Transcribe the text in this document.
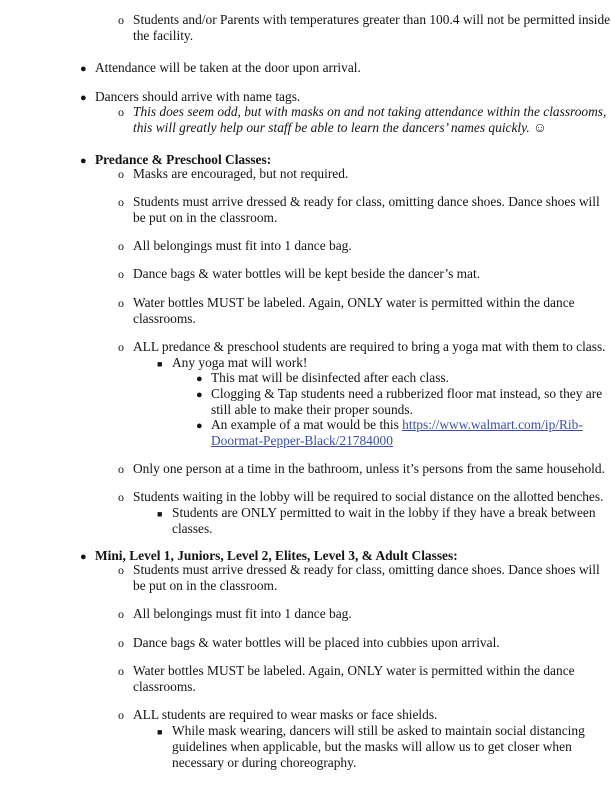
o Students and/or Parents with temperatures greater than 100.4 will not be permitted inside
the facility.
● Attendance will be taken at the door upon arrival.
● Dancers should arrive with name tags.
o This does seem odd, but with masks on and not taking attendance within the classrooms,
this will greatly help our staff be able to learn the dancers’ names quickly. ☺
● Predance & Preschool Classes:
o Masks are encouraged, but not required.
o Students must arrive dressed & ready for class, omitting dance shoes. Dance shoes will
be put on in the classroom.
o All belongings must fit into 1 dance bag.
o Dance bags & water bottles will be kept beside the dancer’s mat.
o Water bottles MUST be labeled. Again, ONLY water is permitted within the dance
classrooms.
o ALL predance & preschool students are required to bring a yoga mat with them to class.
■ Any yoga mat will work!
● This mat will be disinfected after each class.
● Clogging & Tap students need a rubberized floor mat instead, so they are
still able to make their proper sounds.
● An example of a mat would be this https://www.walmart.com/ip/Rib-
Doormat-Pepper-Black/21784000
o Only one person at a time in the bathroom, unless it’s persons from the same household.
o Students waiting in the lobby will be required to social distance on the allotted benches.
■ Students are ONLY permitted to wait in the lobby if they have a break between
classes.
● Mini, Level 1, Juniors, Level 2, Elites, Level 3, & Adult Classes:
o Students must arrive dressed & ready for class, omitting dance shoes. Dance shoes will
be put on in the classroom.
o All belongings must fit into 1 dance bag.
o Dance bags & water bottles will be placed into cubbies upon arrival.
o Water bottles MUST be labeled. Again, ONLY water is permitted within the dance
classrooms.
o ALL students are required to wear masks or face shields.
■ While mask wearing, dancers will still be asked to maintain social distancing
guidelines when applicable, but the masks will allow us to get closer when
necessary or during choreography.
